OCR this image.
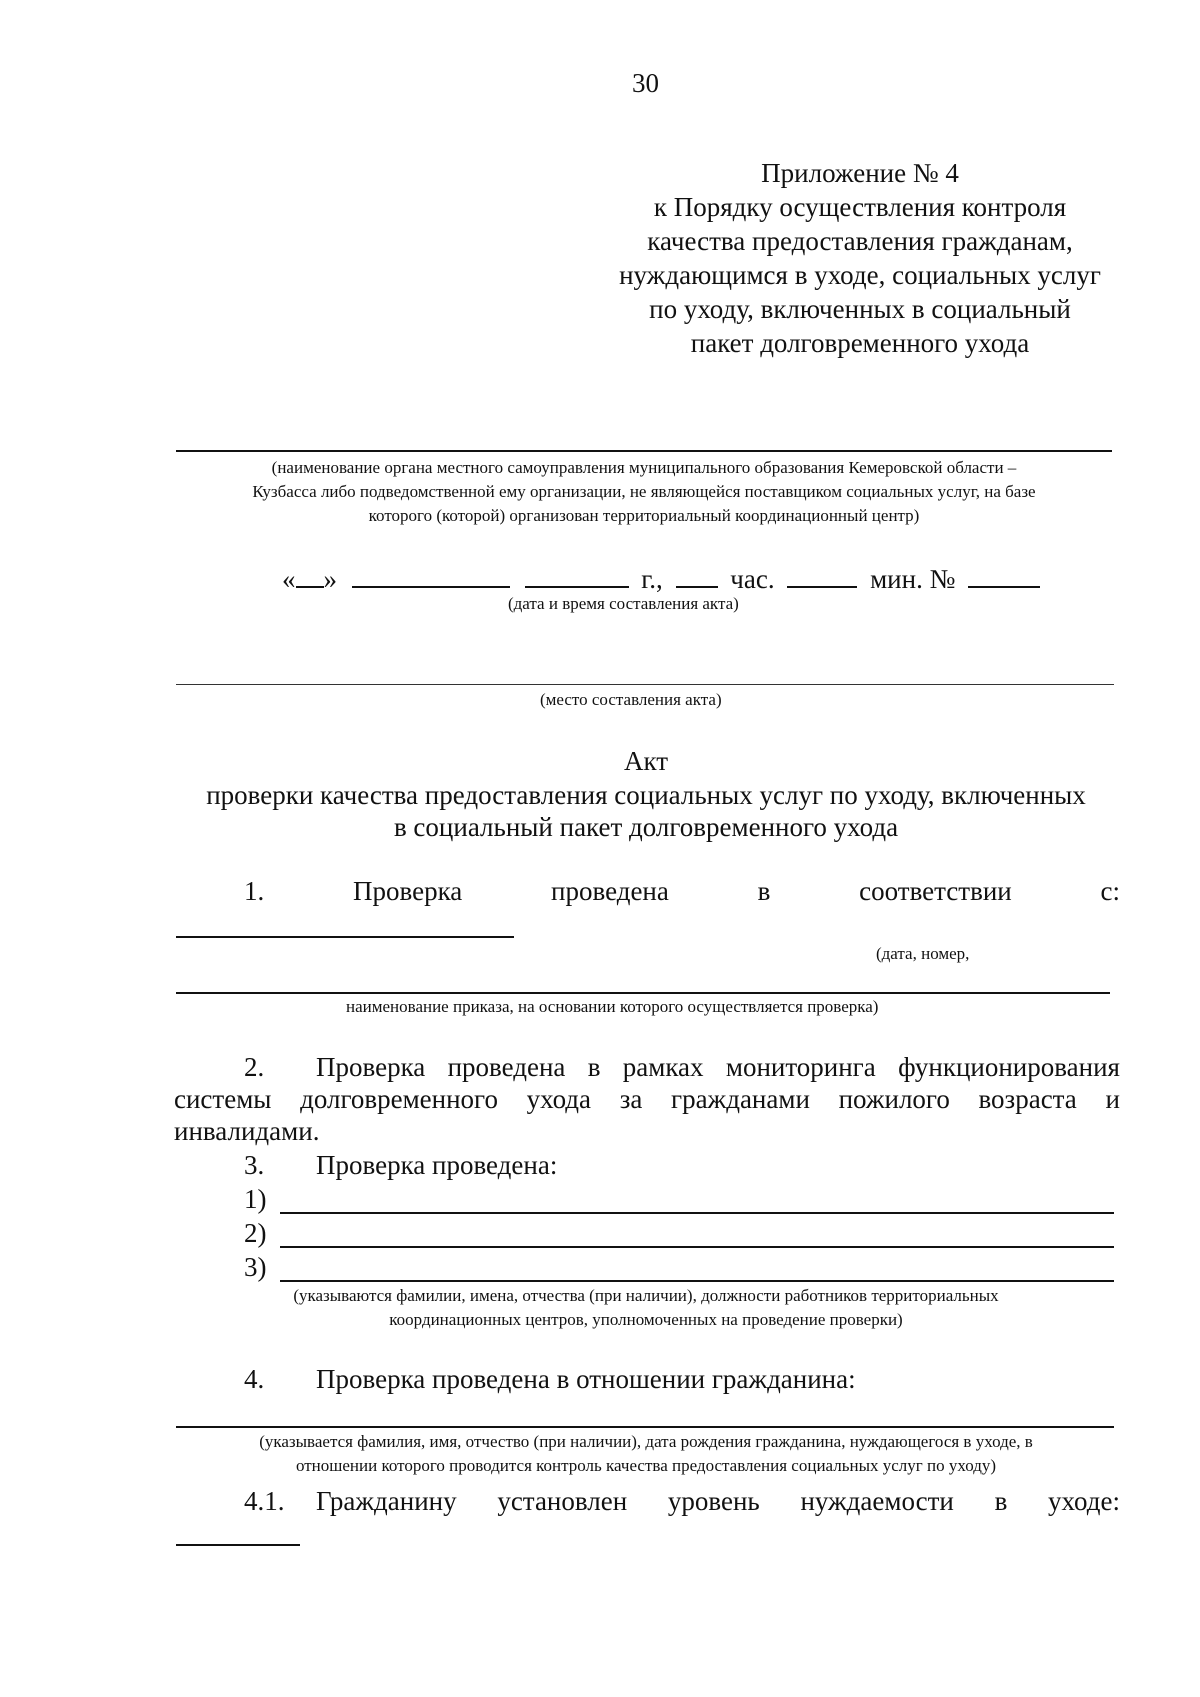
30
Приложение № 4
к Порядку осуществления контроля
качества предоставления гражданам,
нуждающимся в уходе, социальных услуг
по уходу, включенных в социальный
пакет долговременного ухода
(наименование органа местного самоуправления муниципального образования Кемеровской области –
Кузбасса либо подведомственной ему организации, не являющейся поставщиком социальных услуг, на базе
которого (которой) организован территориальный координационный центр)
« »	г.,	час.	мин. №
(дата и время составления акта)
(место составления акта)
Акт
проверки качества предоставления социальных услуг по уходу, включенных
в социальный пакет долговременного ухода
1.	Проверка	проведена	в	соответствии	с:
(дата, номер,
наименование приказа, на основании которого осуществляется проверка)
2. Проверка проведена в рамках мониторинга функционирования
системы долговременного ухода за гражданами пожилого возраста и
инвалидами.
3. Проверка проведена:
1)
2)
3)
(указываются фамилии, имена, отчества (при наличии), должности работников территориальных
координационных центров, уполномоченных на проведение проверки)
4. Проверка проведена в отношении гражданина:
(указывается фамилия, имя, отчество (при наличии), дата рождения гражданина, нуждающегося в уходе, в
отношении которого проводится контроль качества предоставления социальных услуг по уходу)
4.1. Гражданину установлен уровень нуждаемости в уходе:
